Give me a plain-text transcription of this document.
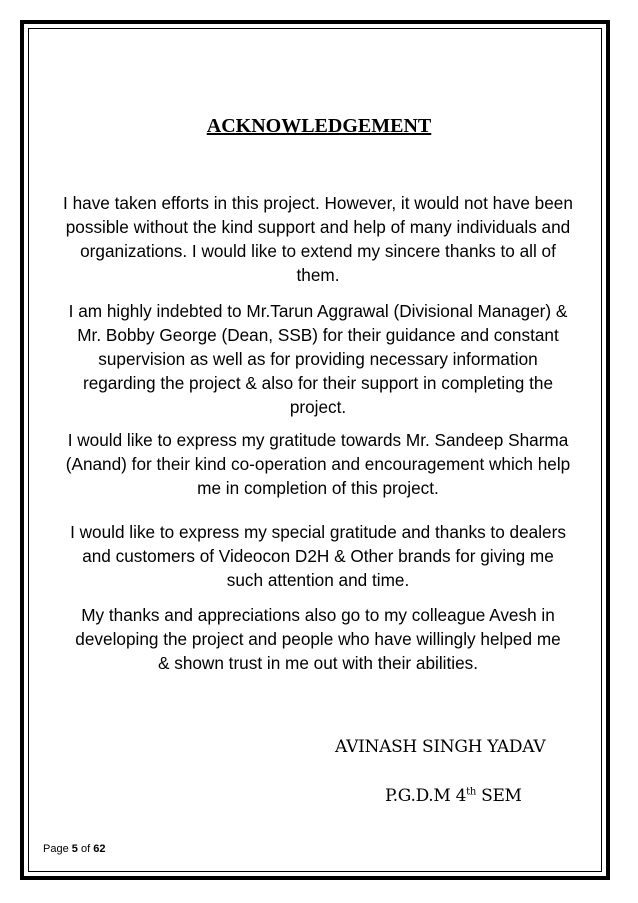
ACKNOWLEDGEMENT

I have taken efforts in this project. However, it would not have been possible without the kind support and help of many individuals and organizations. I would like to extend my sincere thanks to all of them.

I am highly indebted to Mr.Tarun Aggrawal (Divisional Manager) & Mr. Bobby George (Dean, SSB) for their guidance and constant supervision as well as for providing necessary information regarding the project & also for their support in completing the project.

I would like to express my gratitude towards Mr. Sandeep Sharma (Anand) for their kind co-operation and encouragement which help me in completion of this project.

I would like to express my special gratitude and thanks to dealers and customers of Videocon D2H & Other brands for giving me such attention and time.

My thanks and appreciations also go to my colleague Avesh in developing the project and people who have willingly helped me & shown trust in me out with their abilities.

AVINASH SINGH YADAV

P.G.D.M 4th SEM

Page 5 of 62
